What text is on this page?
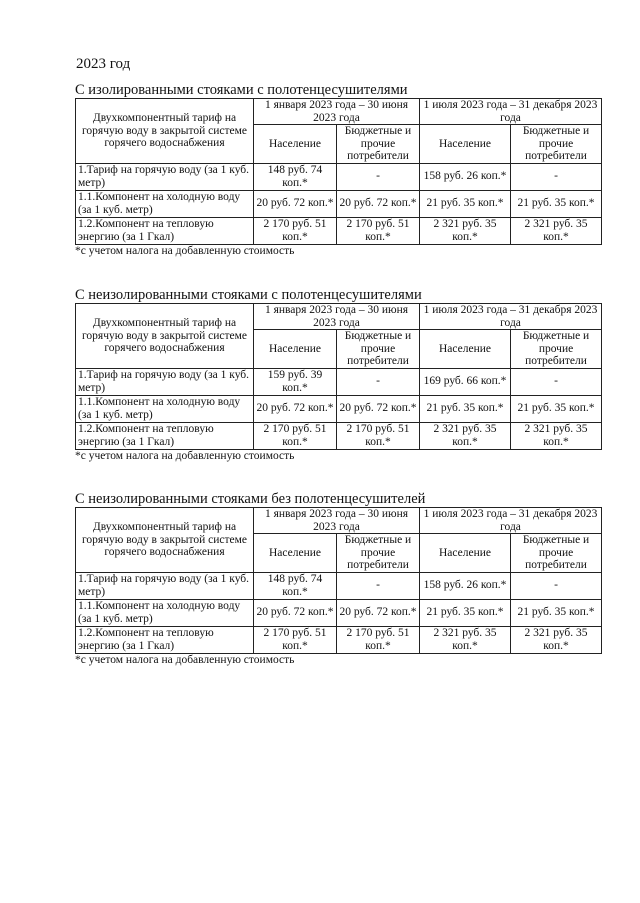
2023 год
С изолированными стояками с полотенцесушителями
Двухкомпонентный тариф на горячую воду в закрытой системе горячего водоснабжения	1 января 2023 года – 30 июня 2023 года		1 июля 2023 года – 31 декабря 2023 года	
	Население	Бюджетные и прочие потребители	Население	Бюджетные и прочие потребители
1.Тариф на горячую воду (за 1 куб. метр)	148 руб. 74 коп.*	-	158 руб. 26 коп.*	-
1.1.Компонент на холодную воду (за 1 куб. метр)	20 руб. 72 коп.*	20 руб. 72 коп.*	21 руб. 35 коп.*	21 руб. 35 коп.*
1.2.Компонент на тепловую энергию (за 1 Гкал)	2 170 руб. 51 коп.*	2 170 руб. 51 коп.*	2 321 руб. 35 коп.*	2 321 руб. 35 коп.*
*с учетом налога на добавленную стоимость
С неизолированными стояками с полотенцесушителями
Двухкомпонентный тариф на горячую воду в закрытой системе горячего водоснабжения	1 января 2023 года – 30 июня 2023 года		1 июля 2023 года – 31 декабря 2023 года	
	Население	Бюджетные и прочие потребители	Население	Бюджетные и прочие потребители
1.Тариф на горячую воду (за 1 куб. метр)	159 руб. 39 коп.*	-	169 руб. 66 коп.*	-
1.1.Компонент на холодную воду (за 1 куб. метр)	20 руб. 72 коп.*	20 руб. 72 коп.*	21 руб. 35 коп.*	21 руб. 35 коп.*
1.2.Компонент на тепловую энергию (за 1 Гкал)	2 170 руб. 51 коп.*	2 170 руб. 51 коп.*	2 321 руб. 35 коп.*	2 321 руб. 35 коп.*
*с учетом налога на добавленную стоимость
С неизолированными стояками без полотенцесушителей
Двухкомпонентный тариф на горячую воду в закрытой системе горячего водоснабжения	1 января 2023 года – 30 июня 2023 года		1 июля 2023 года – 31 декабря 2023 года	
	Население	Бюджетные и прочие потребители	Население	Бюджетные и прочие потребители
1.Тариф на горячую воду (за 1 куб. метр)	148 руб. 74 коп.*	-	158 руб. 26 коп.*	-
1.1.Компонент на холодную воду (за 1 куб. метр)	20 руб. 72 коп.*	20 руб. 72 коп.*	21 руб. 35 коп.*	21 руб. 35 коп.*
1.2.Компонент на тепловую энергию (за 1 Гкал)	2 170 руб. 51 коп.*	2 170 руб. 51 коп.*	2 321 руб. 35 коп.*	2 321 руб. 35 коп.*
*с учетом налога на добавленную стоимость
